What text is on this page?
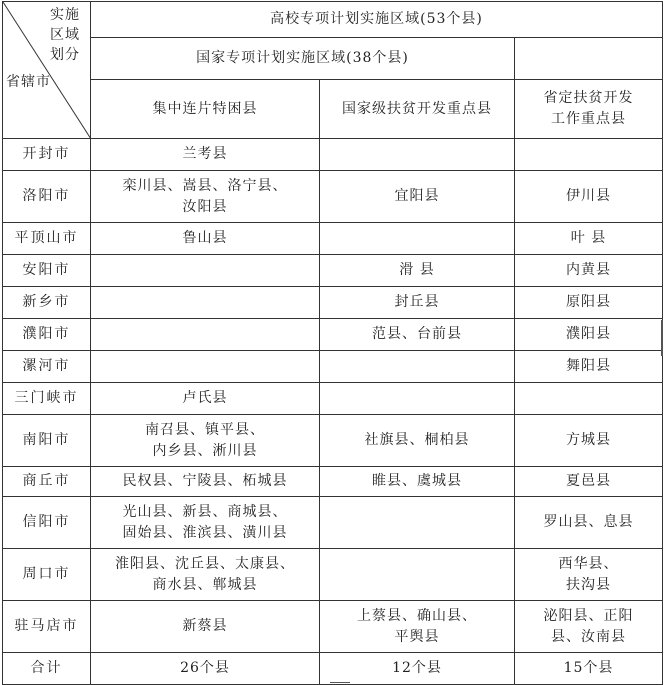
实施
区域
划分
省辖市	高校专项计划实施区域(53个县)		
	国家专项计划实施区域(38个县)		
	集中连片特困县	国家级扶贫开发重点县	省定扶贫开发
工作重点县

开封市	兰考县		

洛阳市	栾川县、嵩县、洛宁县、
汝阳县	宜阳县	伊川县

平顶山市	鲁山县		叶 县

安阳市		滑 县	内黄县

新乡市		封丘县	原阳县

濮阳市		范县、台前县	濮阳县

漯河市			舞阳县

三门峡市	卢氏县		

南阳市	南召县、镇平县、
内乡县、淅川县	社旗县、桐柏县	方城县

商丘市	民权县、宁陵县、柘城县	睢县、虞城县	夏邑县

信阳市	光山县、新县、商城县、
固始县、淮滨县、潢川县		罗山县、息县

周口市	淮阳县、沈丘县、太康县、
商水县、郸城县		西华县、
扶沟县

驻马店市	新蔡县	上蔡县、确山县、
平舆县	泌阳县、正阳
县、汝南县

合计	26个县	12个县	15个县
